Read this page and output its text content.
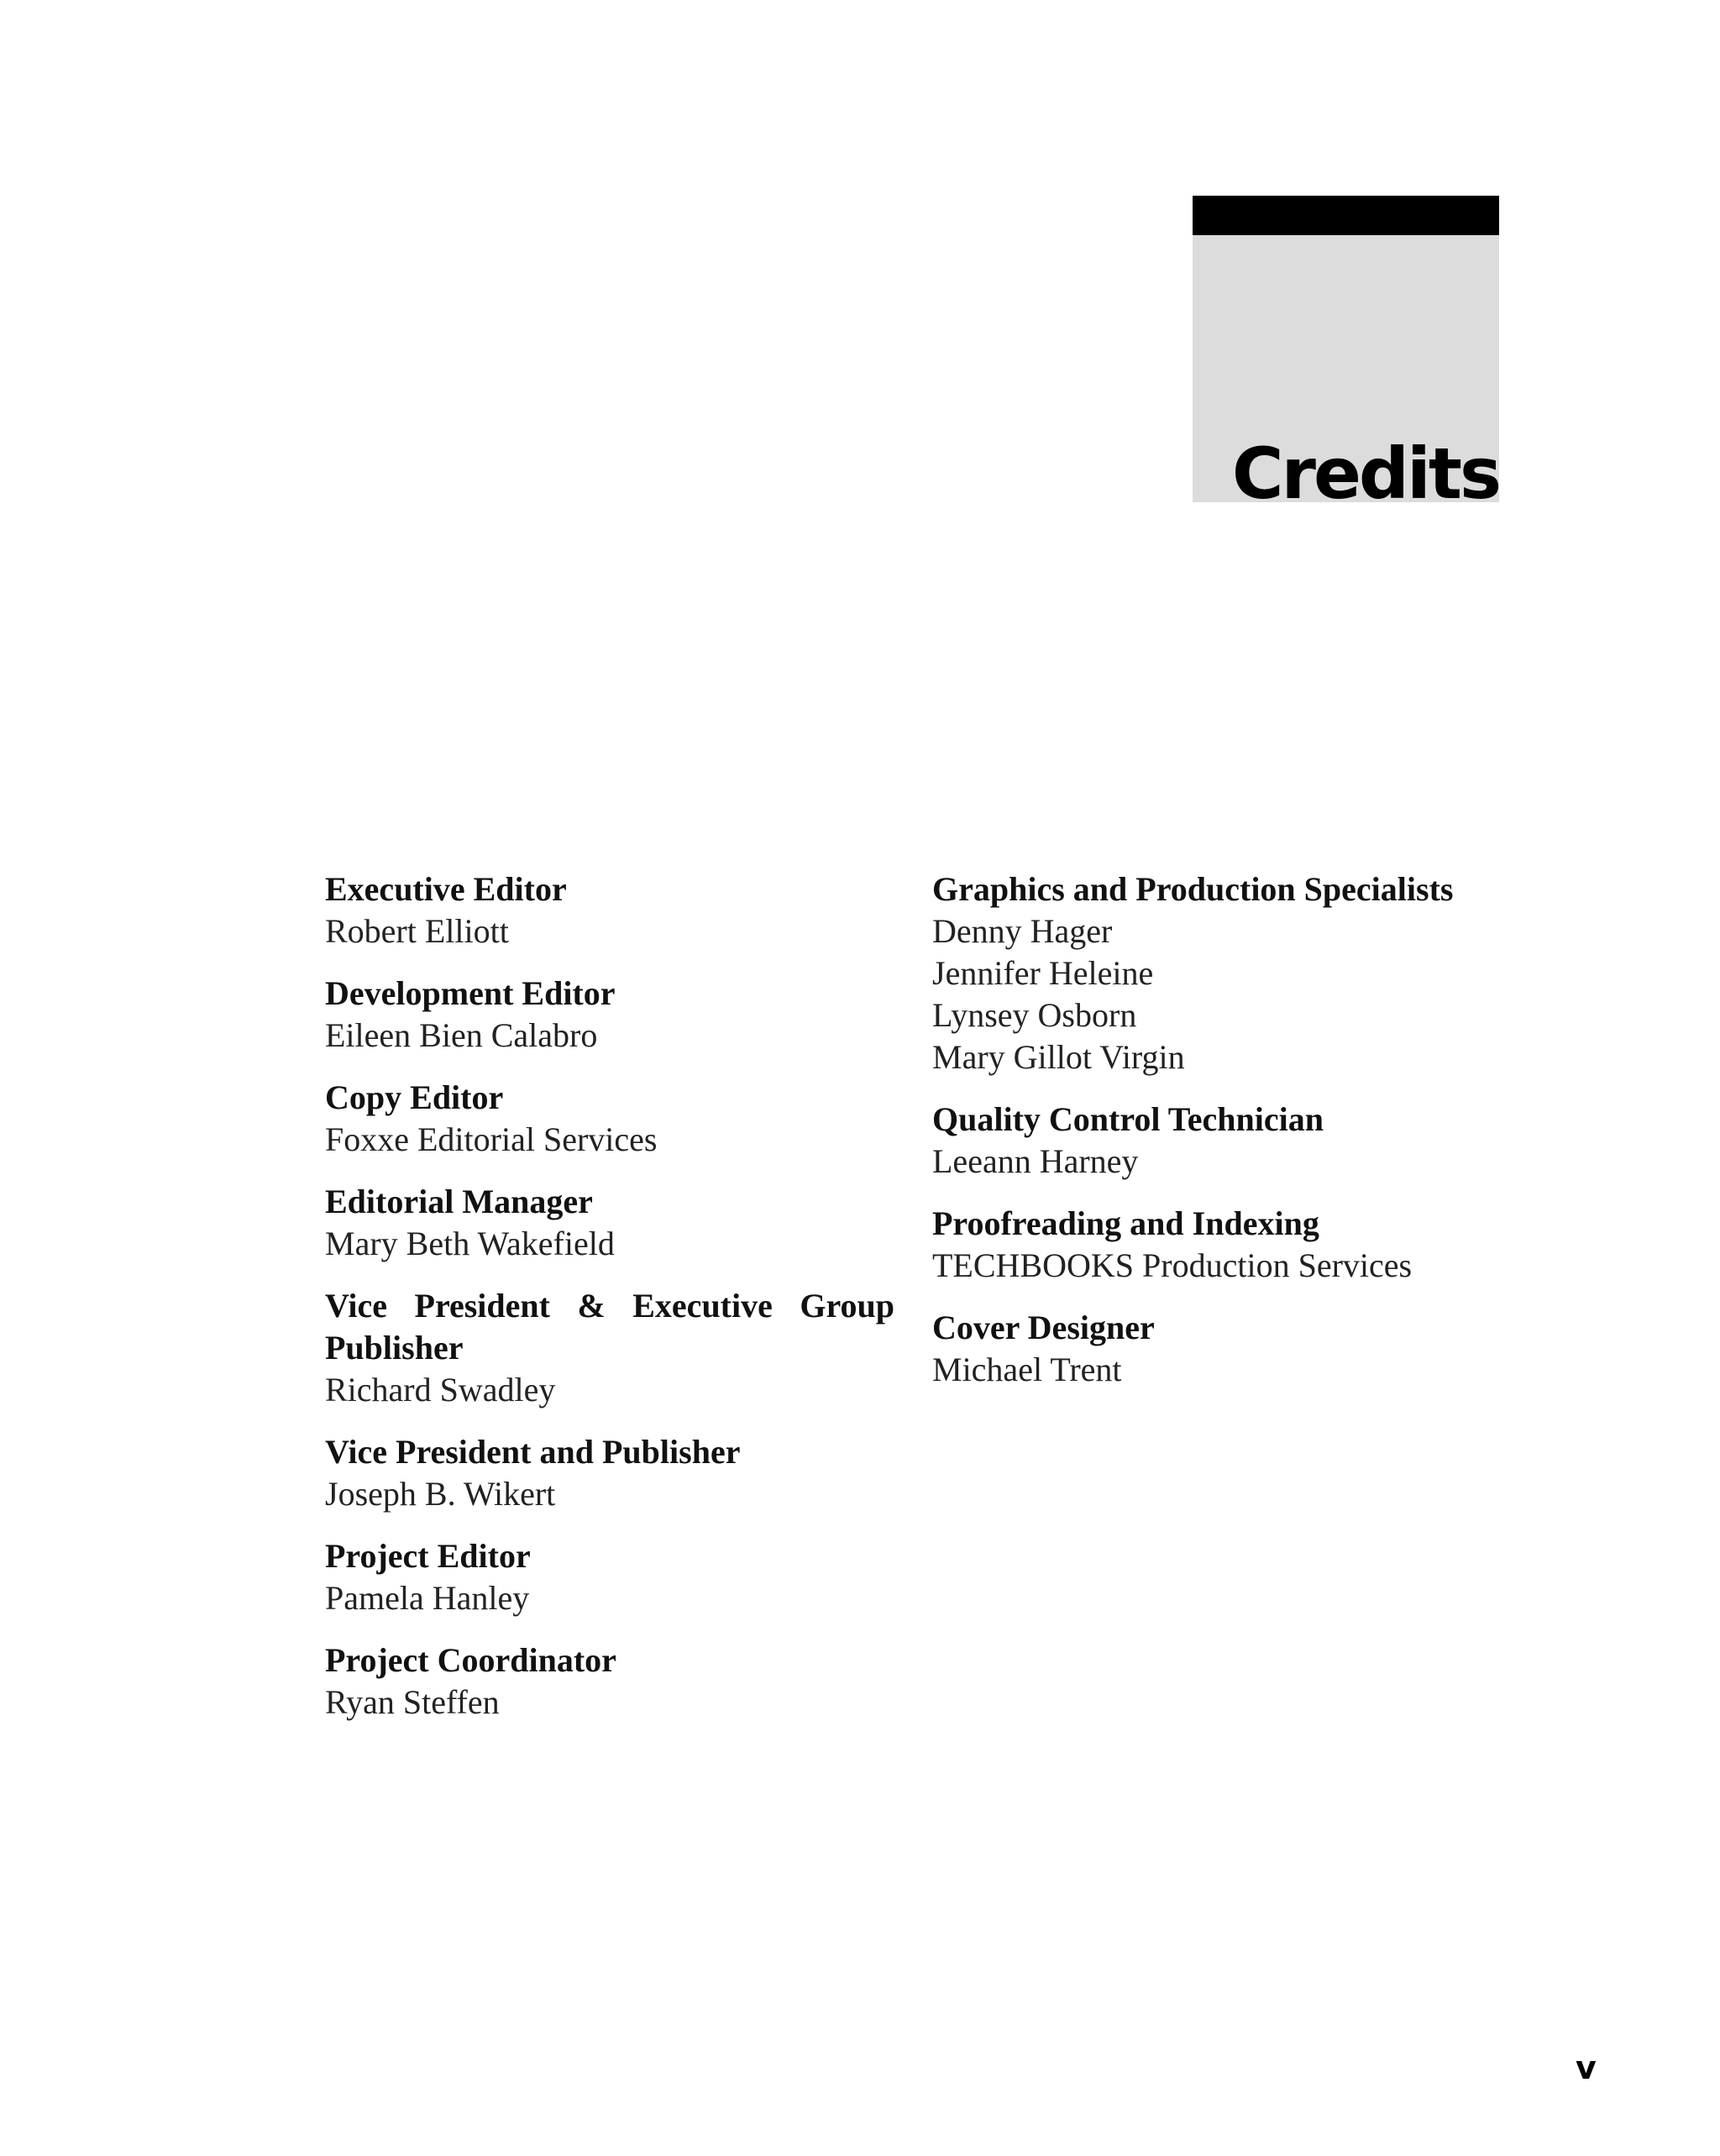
Credits
Executive Editor
Robert Elliott
Development Editor
Eileen Bien Calabro
Copy Editor
Foxxe Editorial Services
Editorial Manager
Mary Beth Wakefield
Vice President & Executive Group Publisher
Richard Swadley
Vice President and Publisher
Joseph B. Wikert
Project Editor
Pamela Hanley
Project Coordinator
Ryan Steffen
Graphics and Production Specialists
Denny Hager
Jennifer Heleine
Lynsey Osborn
Mary Gillot Virgin
Quality Control Technician
Leeann Harney
Proofreading and Indexing
TECHBOOKS Production Services
Cover Designer
Michael Trent
v
